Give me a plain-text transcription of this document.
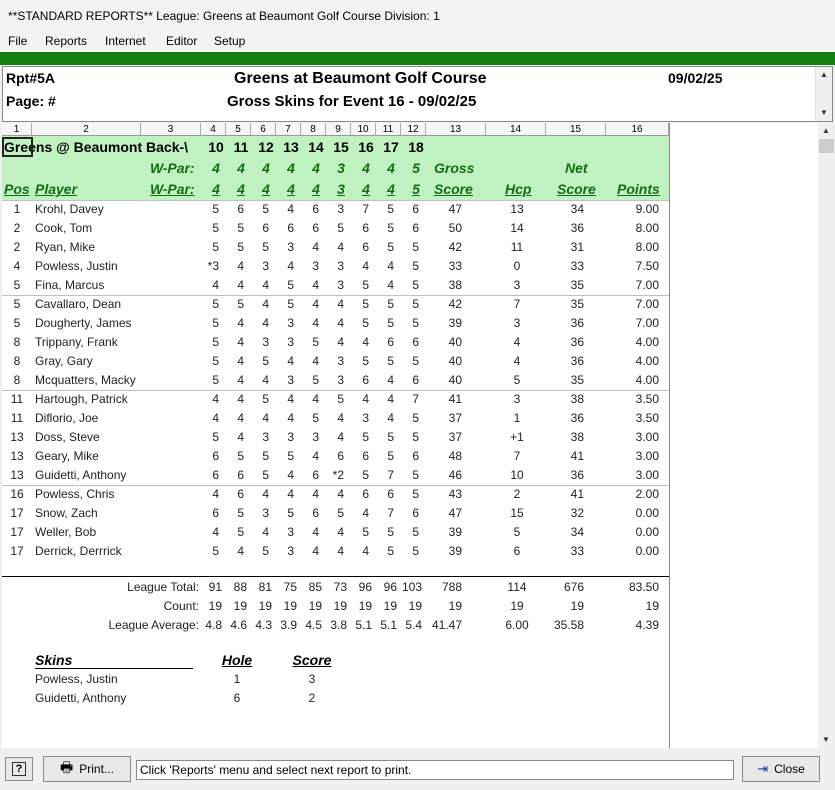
**STANDARD REPORTS** League: Greens at Beaumont Golf Course Division: 1
File Reports Internet Editor Setup
Rpt#5A
Page: #
Greens at Beaumont Golf Course
Gross Skins for Event 16 - 09/02/25
09/02/25	▲
▼
1	2	3	4	5	6	7	8	9	10	11	12	13	14	15	16
Greens @ Beaumont Back-\
W-Par:
W-Par:
Pos Player
Gross
Score Hcp
Net
Score Points
10 11 12 13 14 15 16 17 18
4 4 4 4 4 3 4 4 5
4 4 4 4 4 3 4 4 5
1 Krohl, Davey	5 6 5 4 6 3 7 5 6 47	13	34	9.00
2 Cook, Tom	5 5 6 6 6 5 6 5 6 50	14	36	8.00
2 Ryan, Mike	5 5 5 3 4 4 6 5 5 42	11	31	8.00
4 Powless, Justin	*3 4 3 4 3 3 4 4 5 33	0	33	7.50
5 Fina, Marcus	4 4 4 5 4 3 5 4 5 38	3	35	7.00
5 Cavallaro, Dean	5 5 4 5 4 4 5 5 5 42	7	35	7.00
5 Dougherty, James	5 4 4 3 4 4 5 5 5 39	3	36	7.00
8 Trippany, Frank	5 4 3 3 5 4 4 6 6 40	4	36	4.00
8 Gray, Gary	5 4 5 4 4 3 5 5 5 40	4	36	4.00
8 Mcquatters, Macky	5 4 4 3 5 3 6 4 6 40	5	35	4.00
11 Hartough, Patrick	4 4 5 4 4 5 4 4 7 41	3	38	3.50
11 Diflorio, Joe	4 4 4 4 5 4 3 4 5 37	1	36	3.50
13 Doss, Steve	5 4 3 3 3 4 5 5 5 37	+1	38	3.00
13 Geary, Mike	6 5 5 5 4 6 6 5 6 48	7	41	3.00
13 Guidetti, Anthony	6 6 5 4 6 *2 5 7 5 46	10	36	3.00
16 Powless, Chris	4 6 4 4 4 4 6 6 5 43	2	41	2.00
17 Snow, Zach	6 5 3 5 6 5 4 7 6 47	15	32	0.00
17 Weller, Bob	4 5 4 3 4 4 5 5 5 39	5	34	0.00
17 Derrick, Derrrick	5 4 5 3 4 4 4 5 5 39	6	33	0.00
League Total: 91 88 81 75 85 73 96 96 103 788	114	676	83.50
Count: 19 19 19 19 19 19 19 19 19 19	19	19	19
League Average: 4.8 4.6 4.3 3.9 4.5 3.8 5.1 5.1 5.4 41.47	6.00 35.58	4.39
Skins	Hole	Score
Powless, Justin	1	3
Guidetti, Anthony	6	2
▲
▼
?	🖶 Print...	Click 'Reports' menu and select next report to print.	⇥ Close
